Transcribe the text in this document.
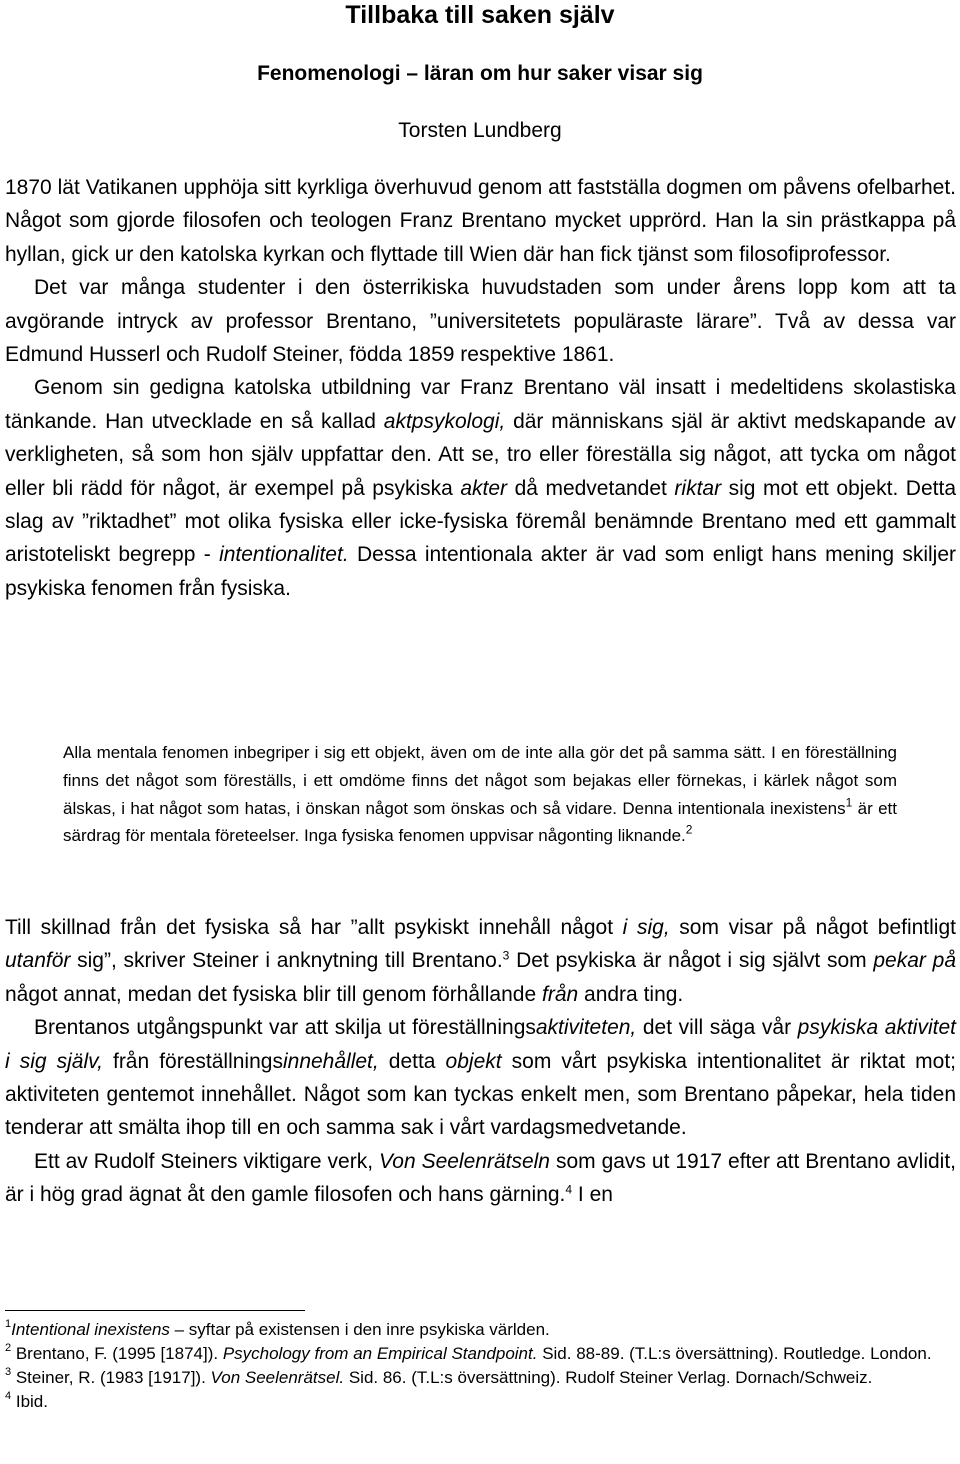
Tillbaka till saken själv
Fenomenologi – läran om hur saker visar sig
Torsten Lundberg

1870 lät Vatikanen upphöja sitt kyrkliga överhuvud genom att fastställa dogmen om påvens ofelbarhet. Något som gjorde filosofen och teologen Franz Brentano mycket upprörd. Han la sin prästkappa på hyllan, gick ur den katolska kyrkan och flyttade till Wien där han fick tjänst som filosofiprofessor.

Det var många studenter i den österrikiska huvudstaden som under årens lopp kom att ta avgörande intryck av professor Brentano, ”universitetets populäraste lärare”. Två av dessa var Edmund Husserl och Rudolf Steiner, födda 1859 respektive 1861.

Genom sin gedigna katolska utbildning var Franz Brentano väl insatt i medeltidens skolastiska tänkande. Han utvecklade en så kallad aktpsykologi, där människans själ är aktivt medskapande av verkligheten, så som hon själv uppfattar den. Att se, tro eller föreställa sig något, att tycka om något eller bli rädd för något, är exempel på psykiska akter då medvetandet riktar sig mot ett objekt. Detta slag av ”riktadhet” mot olika fysiska eller icke-fysiska föremål benämnde Brentano med ett gammalt aristoteliskt begrepp - intentionalitet. Dessa intentionala akter är vad som enligt hans mening skiljer psykiska fenomen från fysiska.

Alla mentala fenomen inbegriper i sig ett objekt, även om de inte alla gör det på samma sätt. I en föreställning finns det något som föreställs, i ett omdöme finns det något som bejakas eller förnekas, i kärlek något som älskas, i hat något som hatas, i önskan något som önskas och så vidare. Denna intentionala inexistens$^1$ är ett särdrag för mentala företeelser. Inga fysiska fenomen uppvisar någonting liknande.$^2$

Till skillnad från det fysiska så har ”allt psykiskt innehåll något i sig, som visar på något befintligt utanför sig”, skriver Steiner i anknytning till Brentano.$^3$ Det psykiska är något i sig självt som pekar på något annat, medan det fysiska blir till genom förhållande från andra ting.

Brentanos utgångspunkt var att skilja ut föreställningsaktiviteten, det vill säga vår psykiska aktivitet i sig själv, från föreställningsinnehållet, detta objekt som vårt psykiska intentionalitet är riktat mot; aktiviteten gentemot innehållet. Något som kan tyckas enkelt men, som Brentano påpekar, hela tiden tenderar att smälta ihop till en och samma sak i vårt vardagsmedvetande.

Ett av Rudolf Steiners viktigare verk, Von Seelenrätseln som gavs ut 1917 efter att Brentano avlidit, är i hög grad ägnat åt den gamle filosofen och hans gärning.$^4$ I en

$^1$Intentional inexistens – syftar på existensen i den inre psykiska världen.

$^2$ Brentano, F. (1995 [1874]). Psychology from an Empirical Standpoint. Sid. 88-89. (T.L:s översättning). Routledge. London.

$^3$ Steiner, R. (1983 [1917]). Von Seelenrätsel. Sid. 86. (T.L:s översättning). Rudolf Steiner Verlag. Dornach/Schweiz.

$^4$ Ibid.
